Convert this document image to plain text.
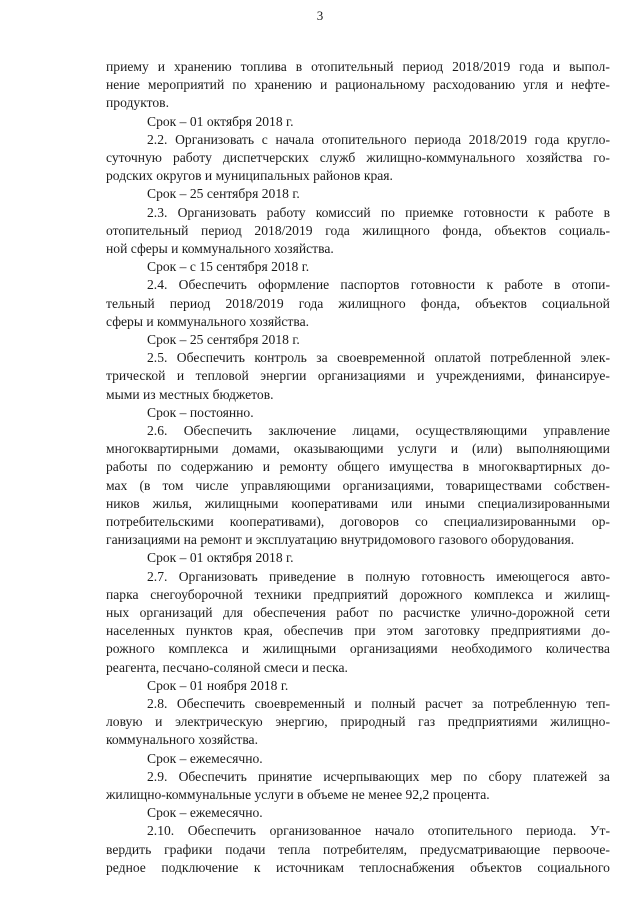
3
приему и хранению топлива в отопительный период 2018/2019 года и выпол-
нение мероприятий по хранению и рациональному расходованию угля и нефте-
продуктов.
Срок – 01 октября 2018 г.
2.2. Организовать с начала отопительного периода 2018/2019 года кругло-
суточную работу диспетчерских служб жилищно-коммунального хозяйства го-
родских округов и муниципальных районов края.
Срок – 25 сентября 2018 г.
2.3. Организовать работу комиссий по приемке готовности к работе в
отопительный период 2018/2019 года жилищного фонда, объектов социаль-
ной сферы и коммунального хозяйства.
Срок – с 15 сентября 2018 г.
2.4. Обеспечить оформление паспортов готовности к работе в отопи-
тельный период 2018/2019 года жилищного фонда, объектов социальной
сферы и коммунального хозяйства.
Срок – 25 сентября 2018 г.
2.5. Обеспечить контроль за своевременной оплатой потребленной элек-
трической и тепловой энергии организациями и учреждениями, финансируе-
мыми из местных бюджетов.
Срок – постоянно.
2.6. Обеспечить заключение лицами, осуществляющими управление
многоквартирными домами, оказывающими услуги и (или) выполняющими
работы по содержанию и ремонту общего имущества в многоквартирных до-
мах (в том числе управляющими организациями, товариществами собствен-
ников жилья, жилищными кооперативами или иными специализированными
потребительскими кооперативами), договоров со специализированными ор-
ганизациями на ремонт и эксплуатацию внутридомового газового оборудования.
Срок – 01 октября 2018 г.
2.7. Организовать приведение в полную готовность имеющегося авто-
парка снегоуборочной техники предприятий дорожного комплекса и жилищ-
ных организаций для обеспечения работ по расчистке улично-дорожной сети
населенных пунктов края, обеспечив при этом заготовку предприятиями до-
рожного комплекса и жилищными организациями необходимого количества
реагента, песчано-соляной смеси и песка.
Срок – 01 ноября 2018 г.
2.8. Обеспечить своевременный и полный расчет за потребленную теп-
ловую и электрическую энергию, природный газ предприятиями жилищно-
коммунального хозяйства.
Срок – ежемесячно.
2.9. Обеспечить принятие исчерпывающих мер по сбору платежей за
жилищно-коммунальные услуги в объеме не менее 92,2 процента.
Срок – ежемесячно.
2.10. Обеспечить организованное начало отопительного периода. Ут-
вердить графики подачи тепла потребителям, предусматривающие первооче-
редное подключение к источникам теплоснабжения объектов социального
